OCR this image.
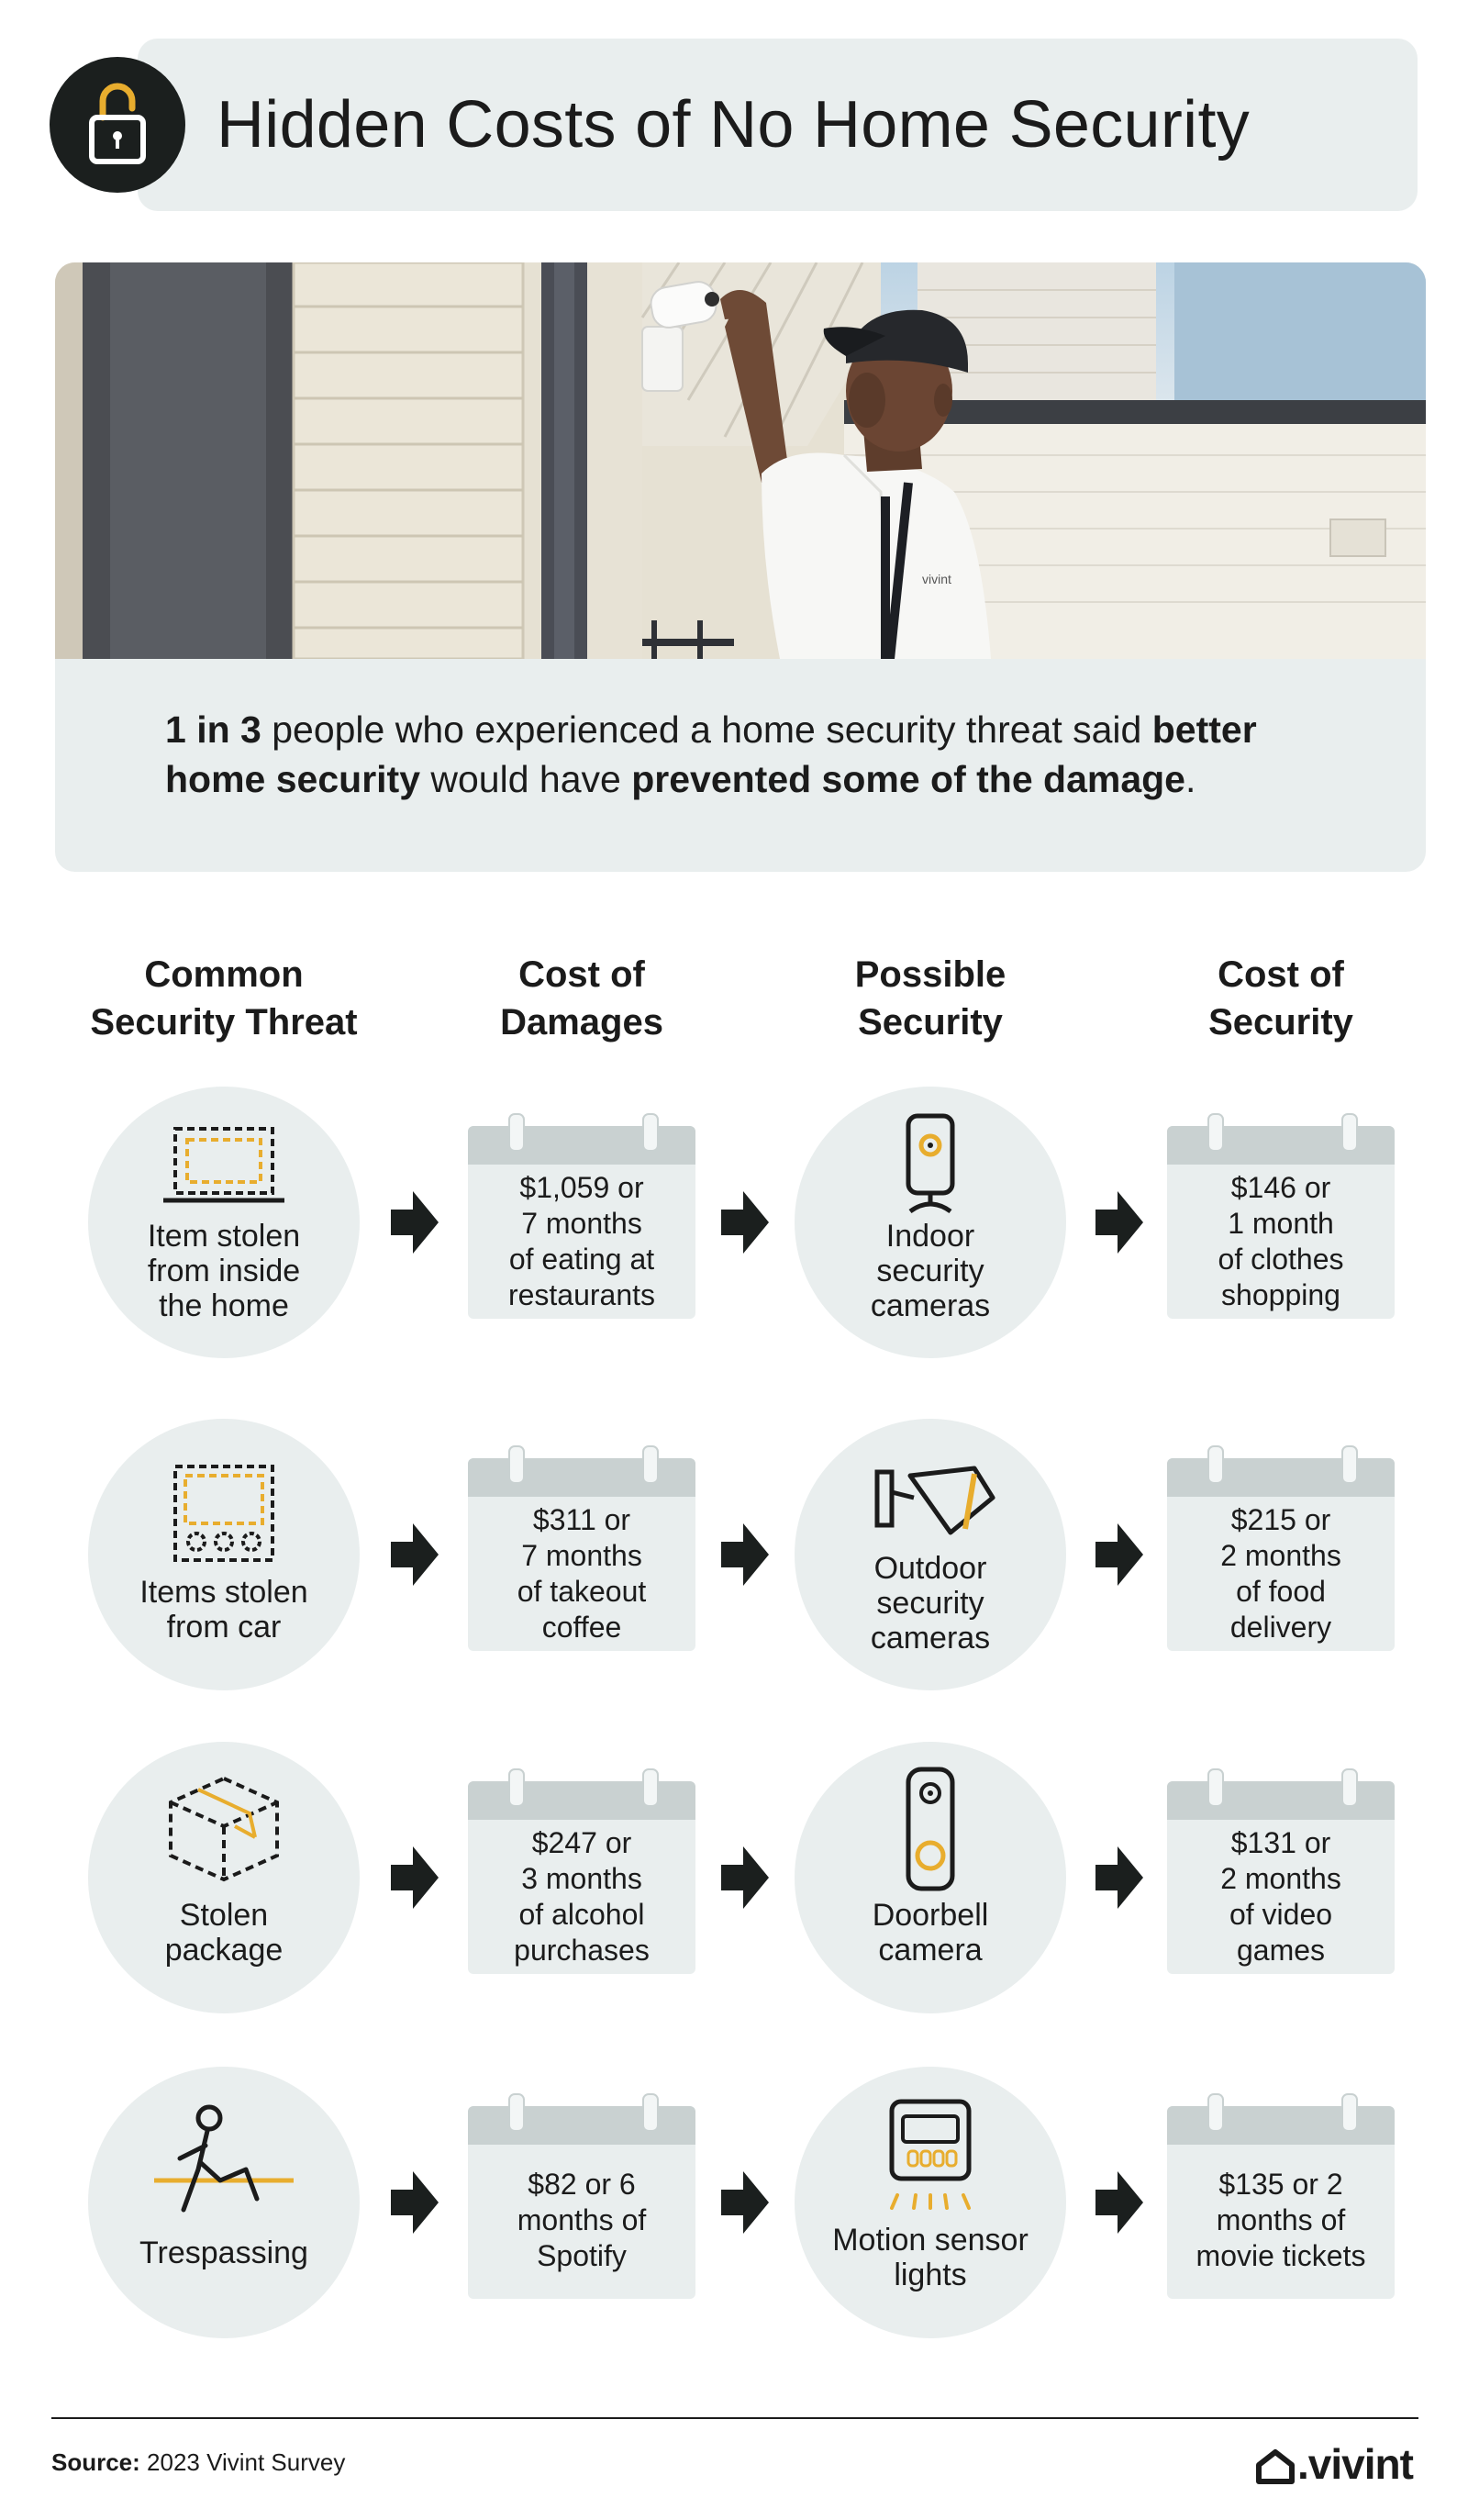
Hidden Costs of No Home Security
vivint

1 in 3 people who experienced a home security threat said better home security would have prevented some of the damage.

Common
Security Threat
Cost of
Damages
Possible
Security
Cost of
Security
Item stolen
from inside
the home
$1,059 or
7 months
of eating at
restaurants
Indoor
security
cameras
$146 or
1 month
of clothes
shopping
Items stolen
from car
$311 or
7 months
of takeout
coffee
Outdoor
security
cameras
$215 or
2 months
of food
delivery
Stolen
package
$247 or
3 months
of alcohol
purchases
Doorbell
camera
$131 or
2 months
of video
games
Trespassing
$82 or 6
months of
Spotify	Motion sensor
lights
$135 or 2
months of
movie tickets
Source: 2023 Vivint Survey	.vivint
